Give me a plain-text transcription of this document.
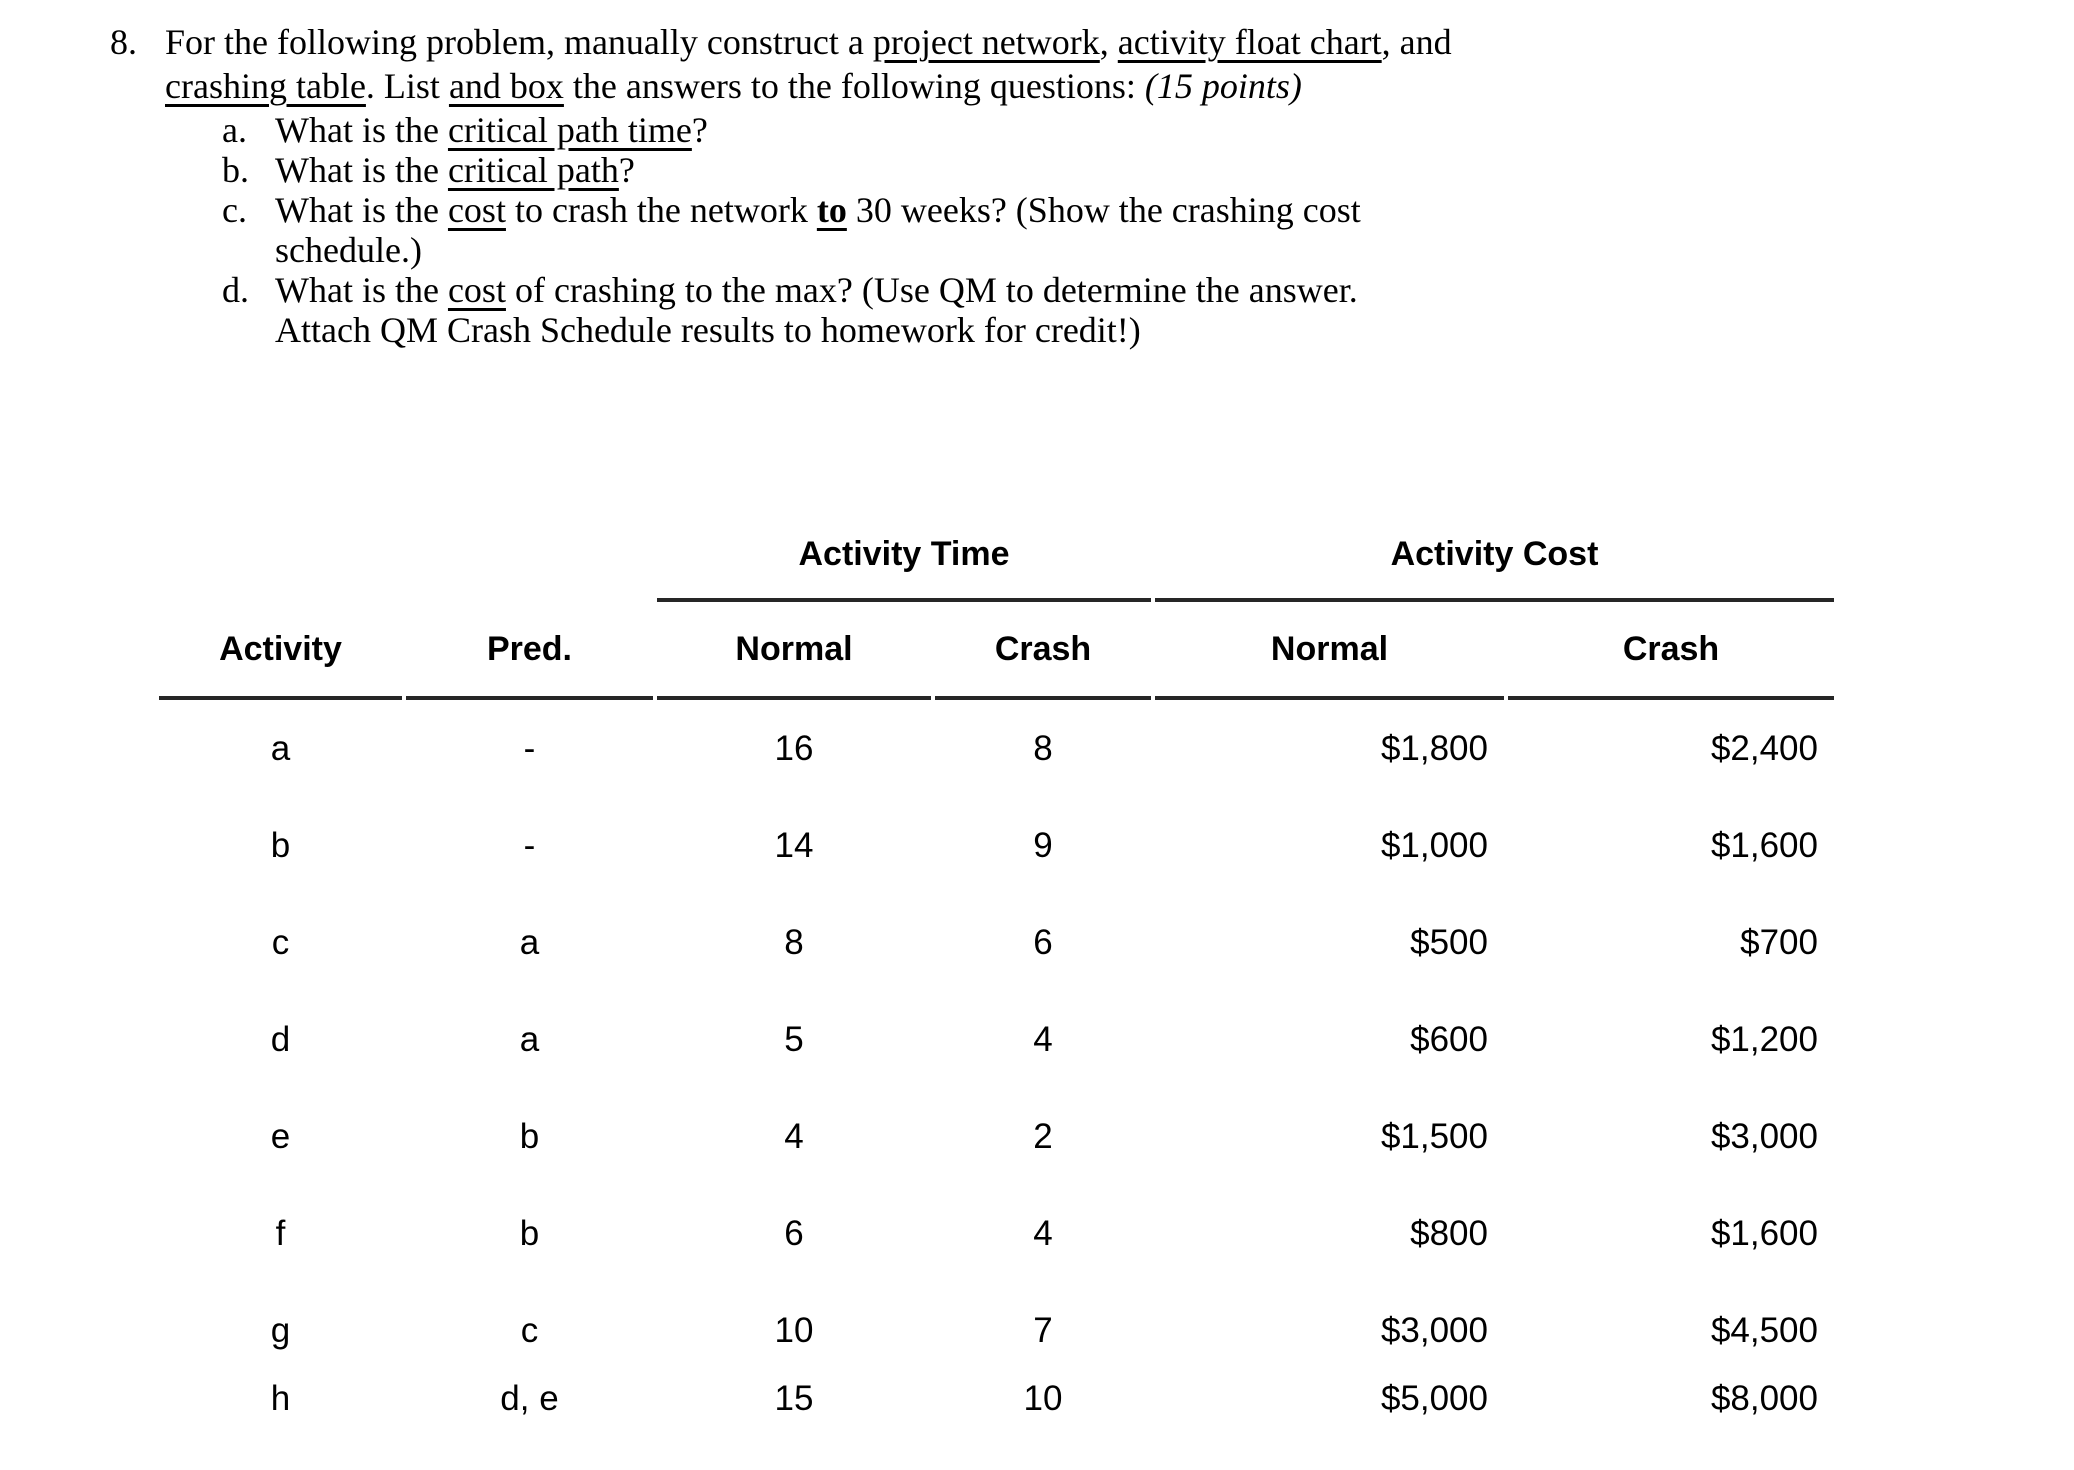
8. For the following problem, manually construct a project network, activity float chart, and
crashing table. List and box the answers to the following questions: (15 points)
a. What is the critical path time?
b. What is the critical path?
c. What is the cost to crash the network to 30 weeks? (Show the crashing cost
schedule.)
d. What is the cost of crashing to the max? (Use QM to determine the answer.
Attach QM Crash Schedule results to homework for credit!)
		Activity Time		Activity Cost	
Activity	Pred.	Normal	Crash	Normal	Crash
a	-	16	8	$1,800	$2,400
b	-	14	9	$1,000	$1,600
c	a	8	6	$500	$700
d	a	5	4	$600	$1,200
e	b	4	2	$1,500	$3,000
f	b	6	4	$800	$1,600
g	c	10	7	$3,000	$4,500
h	d, e	15	10	$5,000	$8,000
